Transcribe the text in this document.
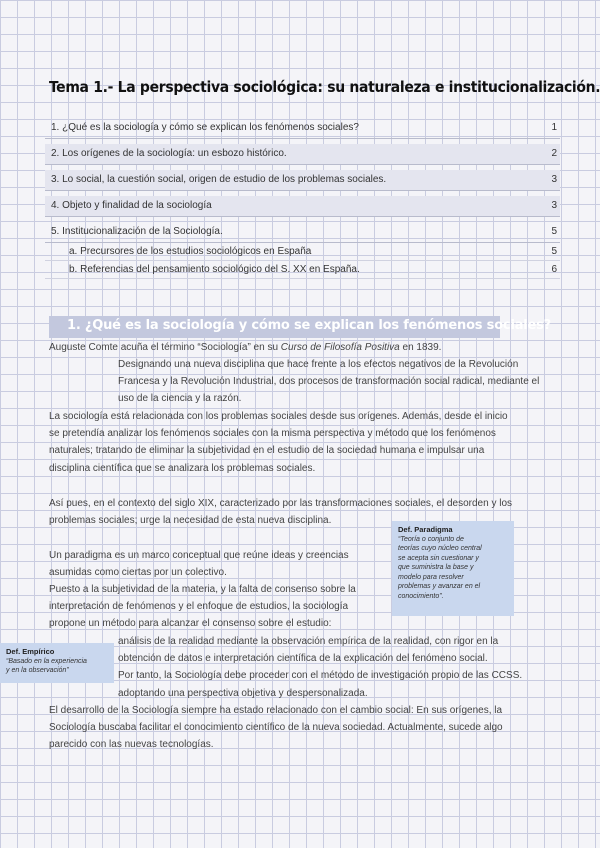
Tema 1.- La perspectiva sociológica: su naturaleza e institucionalización.
1. ¿Qué es la sociología y cómo se explican los fenómenos sociales?	1
2. Los orígenes de la sociología: un esbozo histórico.	2
3. Lo social, la cuestión social, origen de estudio de los problemas sociales.	3
4. Objeto y finalidad de la sociología	3
5. Institucionalización de la Sociología.	5
a. Precursores de los estudios sociológicos en España	5
b. Referencias del pensamiento sociológico del S. XX en España.	6
1. ¿Qué es la sociología y cómo se explican los fenómenos sociales?
Auguste Comte acuña el término “Sociología” en su Curso de Filosofía Positiva en 1839.
Designando una nueva disciplina que hace frente a los efectos negativos de la Revolución
Francesa y la Revolución Industrial, dos procesos de transformación social radical, mediante el
uso de la ciencia y la razón.
La sociología está relacionada con los problemas sociales desde sus orígenes. Además, desde el inicio
se pretendía analizar los fenómenos sociales con la misma perspectiva y método que los fenómenos
naturales; tratando de eliminar la subjetividad en el estudio de la sociedad humana e impulsar una
disciplina científica que se analizara los problemas sociales.
Así pues, en el contexto del siglo XIX, caracterizado por las transformaciones sociales, el desorden y los
problemas sociales; urge la necesidad de esta nueva disciplina.
Un paradigma es un marco conceptual que reúne ideas y creencias
asumidas como ciertas por un colectivo.
Puesto a la subjetividad de la materia, y la falta de consenso sobre la
interpretación de fenómenos y el enfoque de estudios, la sociología
propone un método para alcanzar el consenso sobre el estudio:
análisis de la realidad mediante la observación empírica de la realidad, con rigor en la
obtención de datos e interpretación científica de la explicación del fenómeno social.
Por tanto, la Sociología debe proceder con el método de investigación propio de las CCSS.
adoptando una perspectiva objetiva y despersonalizada.
El desarrollo de la Sociología siempre ha estado relacionado con el cambio social: En sus orígenes, la
Sociología buscaba facilitar el conocimiento científico de la nueva sociedad. Actualmente, sucede algo
parecido con las nuevas tecnologías.
Def. Paradigma
“Teoría o conjunto de
teorías cuyo núcleo central
se acepta sin cuestionar y
que suministra la base y
modelo para resolver
problemas y avanzar en el
conocimiento”.
Def. Empírico
“Basado en la experiencia
y en la observación”
